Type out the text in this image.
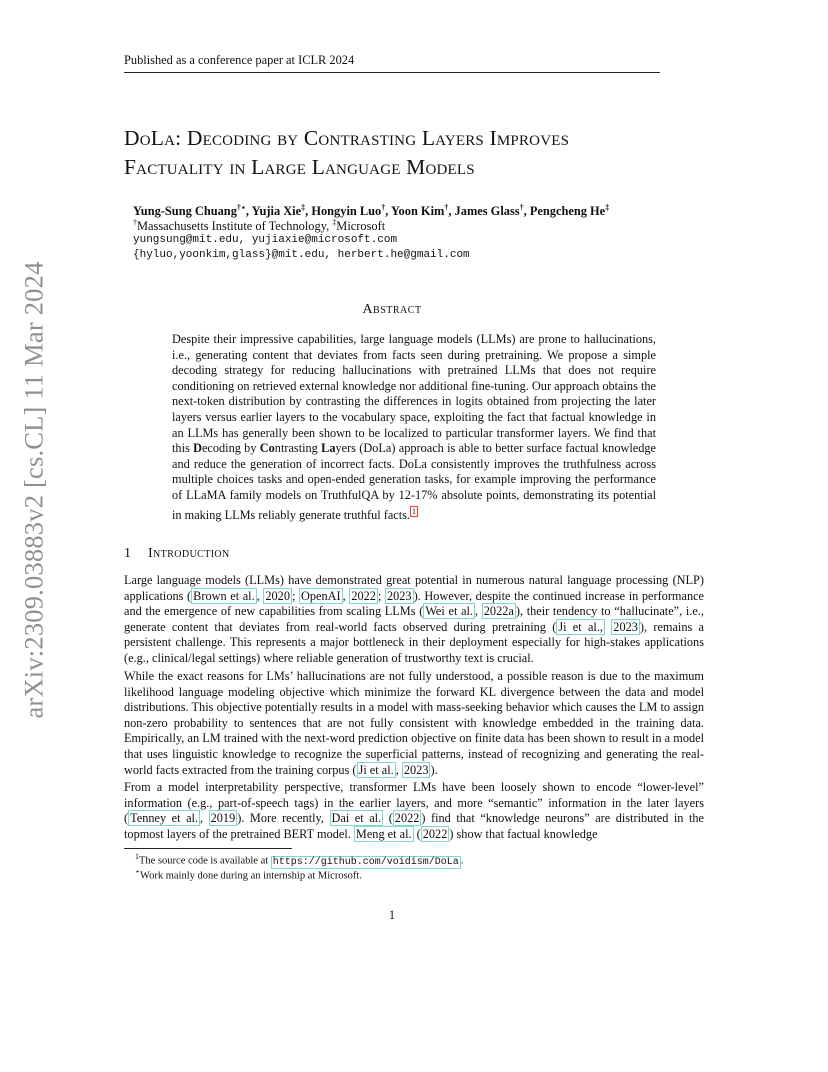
Published as a conference paper at ICLR 2024
arXiv:2309.03883v2 [cs.CL] 11 Mar 2024
DoLa: Decoding by Contrasting Layers Improves
Factuality in Large Language Models
Yung-Sung Chuang†⋆, Yujia Xie‡, Hongyin Luo†, Yoon Kim†, James Glass†, Pengcheng He‡
†Massachusetts Institute of Technology, ‡Microsoft
yungsung@mit.edu, yujiaxie@microsoft.com
{hyluo,yoonkim,glass}@mit.edu, herbert.he@gmail.com
Abstract
Despite their impressive capabilities, large language models (LLMs) are prone to hallucinations, i.e., generating content that deviates from facts seen during pretraining. We propose a simple decoding strategy for reducing hallucinations with pretrained LLMs that does not require conditioning on retrieved external knowledge nor additional fine-tuning. Our approach obtains the next-token distribution by contrasting the differences in logits obtained from projecting the later layers versus earlier layers to the vocabulary space, exploiting the fact that factual knowledge in an LLMs has generally been shown to be localized to particular transformer layers. We find that this Decoding by Contrasting Layers (DoLa) approach is able to better surface factual knowledge and reduce the generation of incorrect facts. DoLa consistently improves the truthfulness across multiple choices tasks and open-ended generation tasks, for example improving the performance of LLaMA family models on TruthfulQA by 12-17% absolute points, demonstrating its potential in making LLMs reliably generate truthful facts. $^1$
1 Introduction
Large language models (LLMs) have demonstrated great potential in numerous natural language processing (NLP) applications ( Brown et al. , 2020 ; OpenAI , 2022 ; 2023 ). However, despite the continued increase in performance and the emergence of new capabilities from scaling LLMs ( Wei et al. , 2022a ), their tendency to “hallucinate”, i.e., generate content that deviates from real-world facts observed during pretraining ( Ji et al., 2023 ), remains a persistent challenge. This represents a major bottleneck in their deployment especially for high-stakes applications (e.g., clinical/legal settings) where reliable generation of trustworthy text is crucial.
While the exact reasons for LMs’ hallucinations are not fully understood, a possible reason is due to the maximum likelihood language modeling objective which minimize the forward KL divergence between the data and model distributions. This objective potentially results in a model with mass-seeking behavior which causes the LM to assign non-zero probability to sentences that are not fully consistent with knowledge embedded in the training data. Empirically, an LM trained with the next-word prediction objective on finite data has been shown to result in a model that uses linguistic knowledge to recognize the superficial patterns, instead of recognizing and generating the real-world facts extracted from the training corpus ( Ji et al. , 2023 ).
From a model interpretability perspective, transformer LMs have been loosely shown to encode “lower-level” information (e.g., part-of-speech tags) in the earlier layers, and more “semantic” information in the later layers ( Tenney et al. , 2019 ). More recently, Dai et al. ( 2022 ) find that “knowledge neurons” are distributed in the topmost layers of the pretrained BERT model. Meng et al. ( 2022 ) show that factual knowledge
$^1$The source code is available at https://github.com/voidism/DoLa .
⋆Work mainly done during an internship at Microsoft.
1
